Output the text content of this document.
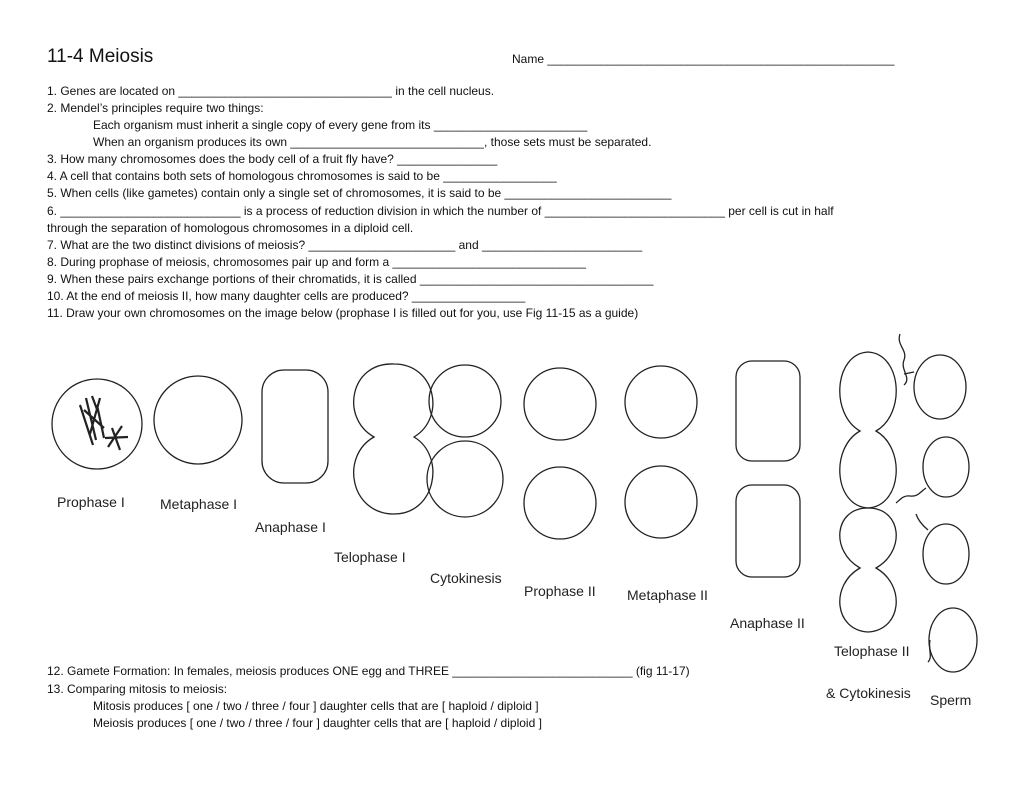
11-4 Meiosis	Name ____________________________________________________
1. Genes are located on ________________________________ in the cell nucleus.
2. Mendel’s principles require two things:
Each organism must inherit a single copy of every gene from its _______________________
When an organism produces its own _____________________________, those sets must be separated.
3. How many chromosomes does the body cell of a fruit fly have? _______________
4. A cell that contains both sets of homologous chromosomes is said to be _________________
5. When cells (like gametes) contain only a single set of chromosomes, it is said to be _________________________
6. ___________________________ is a process of reduction division in which the number of ___________________________ per cell is cut in half
through the separation of homologous chromosomes in a diploid cell.
7. What are the two distinct divisions of meiosis? ______________________ and ________________________
8. During prophase of meiosis, chromosomes pair up and form a _____________________________
9. When these pairs exchange portions of their chromatids, it is called ___________________________________
10. At the end of meiosis II, how many daughter cells are produced? _________________
11. Draw your own chromosomes on the image below (prophase I is filled out for you, use Fig 11-15 as a guide)
Prophase I	Metaphase I
Anaphase I
Telophase I
Cytokinesis
Prophase II Metaphase II
Anaphase II
Telophase II
& Cytokinesis Sperm
12. Gamete Formation: In females, meiosis produces ONE egg and THREE ___________________________ (fig 11-17)
13. Comparing mitosis to meiosis:
Mitosis produces [ one / two / three / four ] daughter cells that are [ haploid / diploid ]
Meiosis produces [ one / two / three / four ] daughter cells that are [ haploid / diploid ]
